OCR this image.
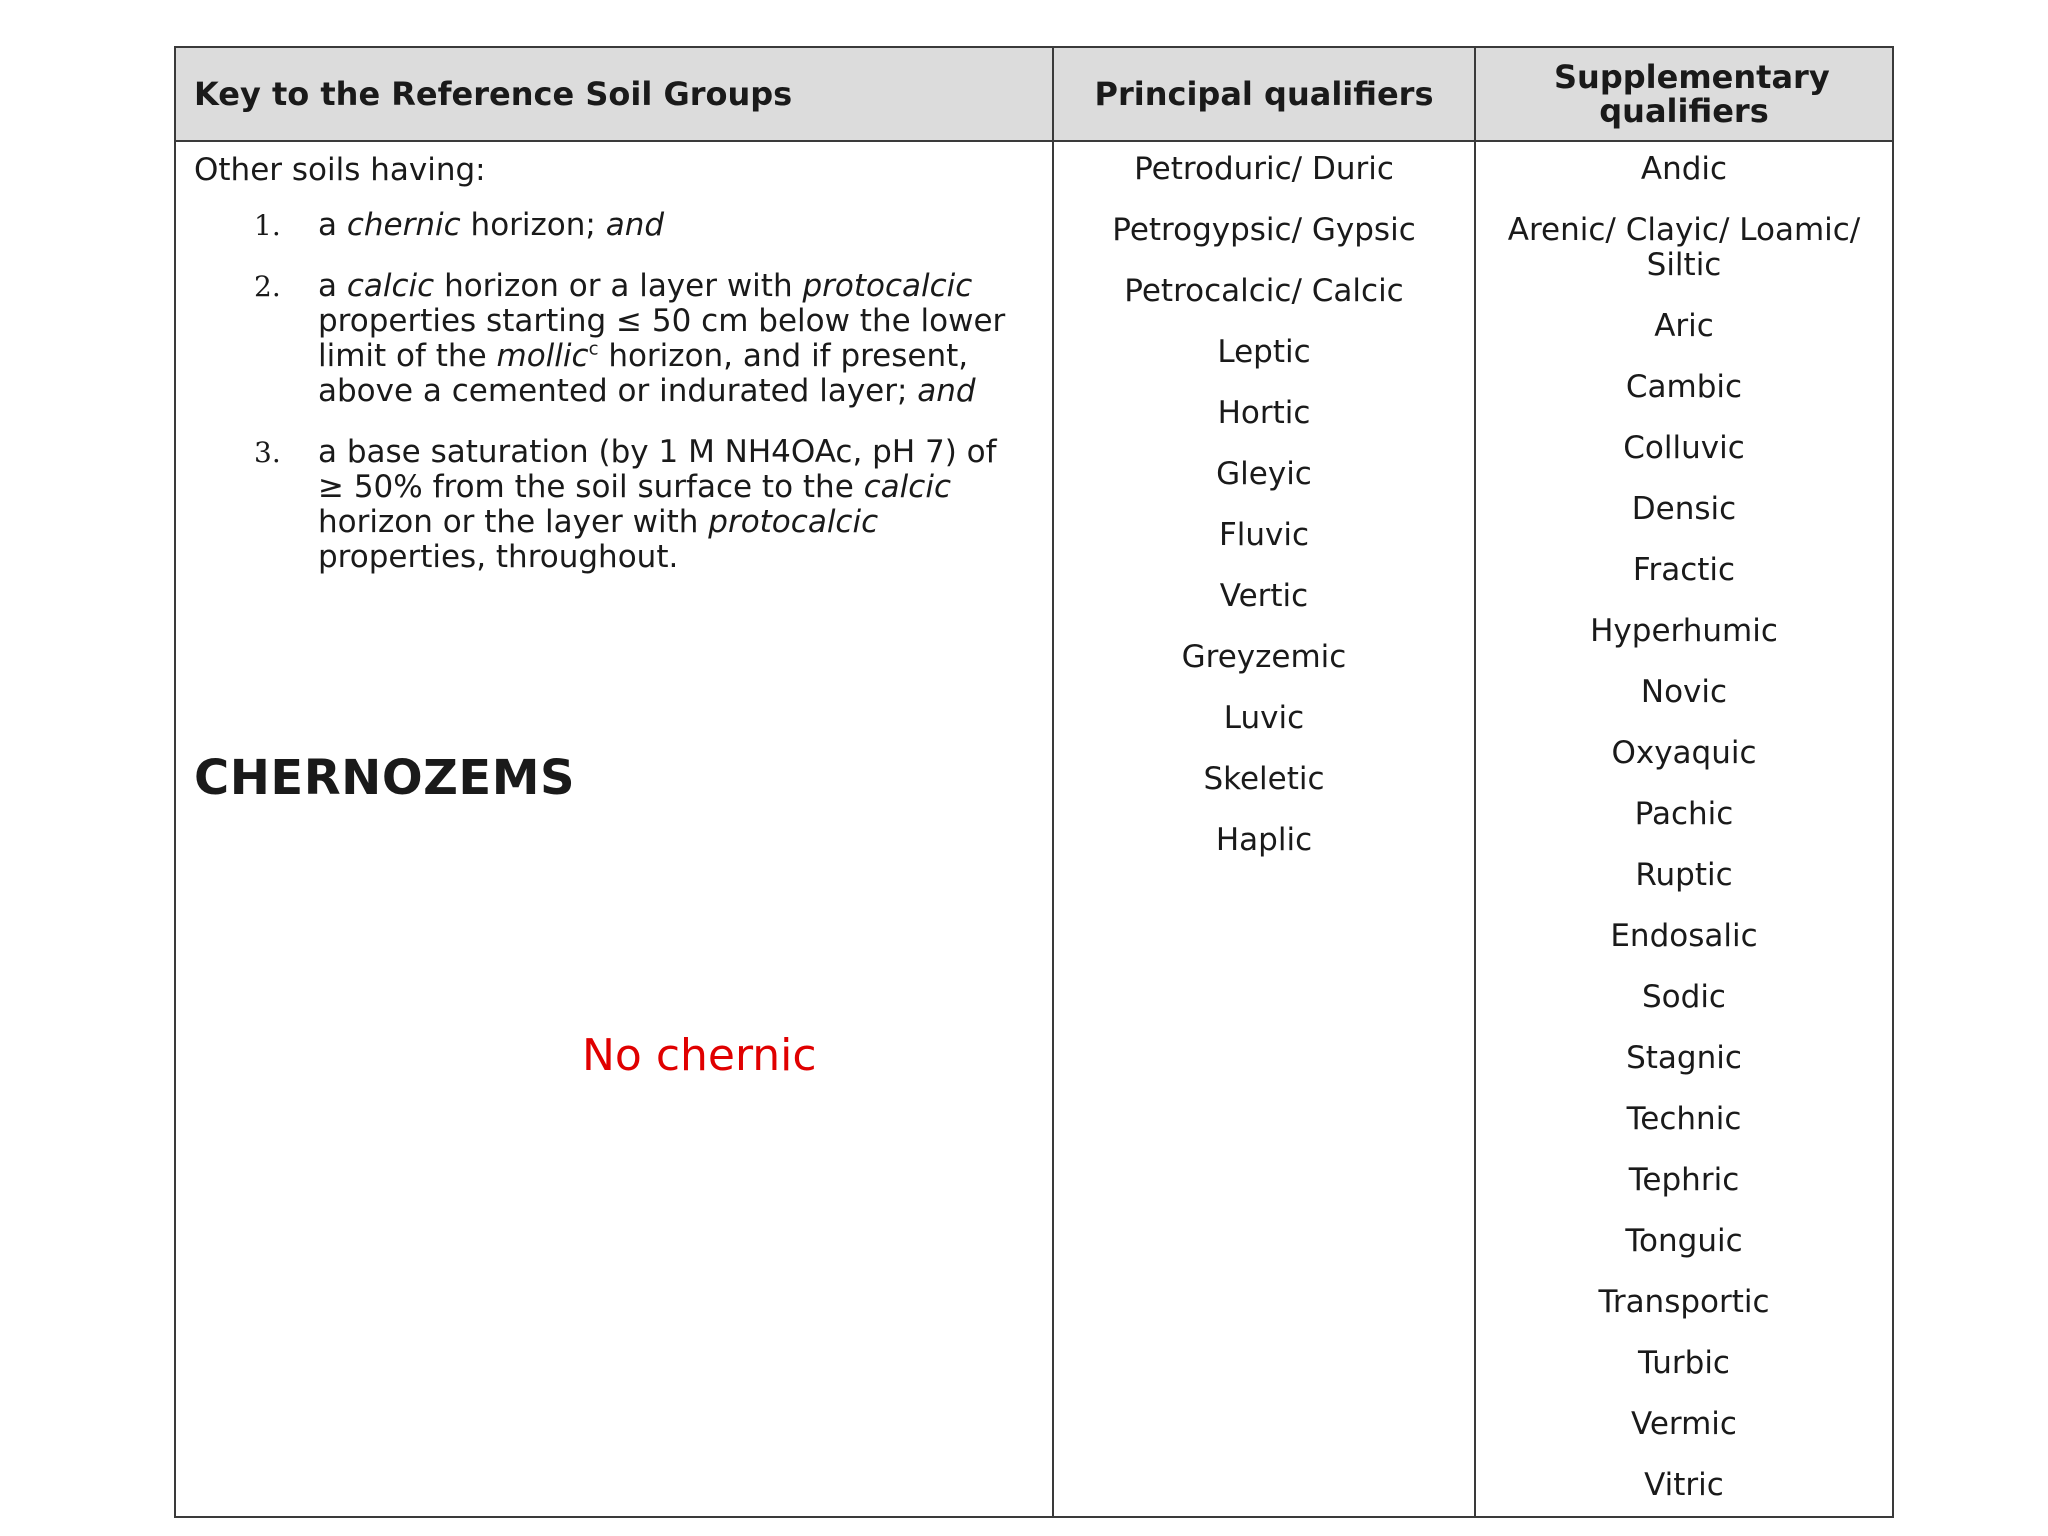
Key to the Reference Soil Groups	Principal qualifiers	Supplementary qualifiers
Other soils having:
1. a chernic horizon; and
2. a calcic horizon or a layer with protocalcic properties starting ≤ 50 cm below the lower limit of the mollic$^c$ horizon, and if present, above a cemented or indurated layer; and
3. a base saturation (by 1 M NH4OAc, pH 7) of ≥ 50% from the soil surface to the calcic horizon or the layer with protocalcic properties, throughout.
CHERNOZEMS
No chernic
Petroduric/ Duric
Petrogypsic/ Gypsic
Petrocalcic/ Calcic
Leptic
Hortic
Gleyic
Fluvic
Vertic
Greyzemic
Luvic
Skeletic
Haplic
Andic
Arenic/ Clayic/ Loamic/ Siltic
Aric
Cambic
Colluvic
Densic
Fractic
Hyperhumic
Novic
Oxyaquic
Pachic
Ruptic
Endosalic
Sodic
Stagnic
Technic
Tephric
Tonguic
Transportic
Turbic
Vermic
Vitric
